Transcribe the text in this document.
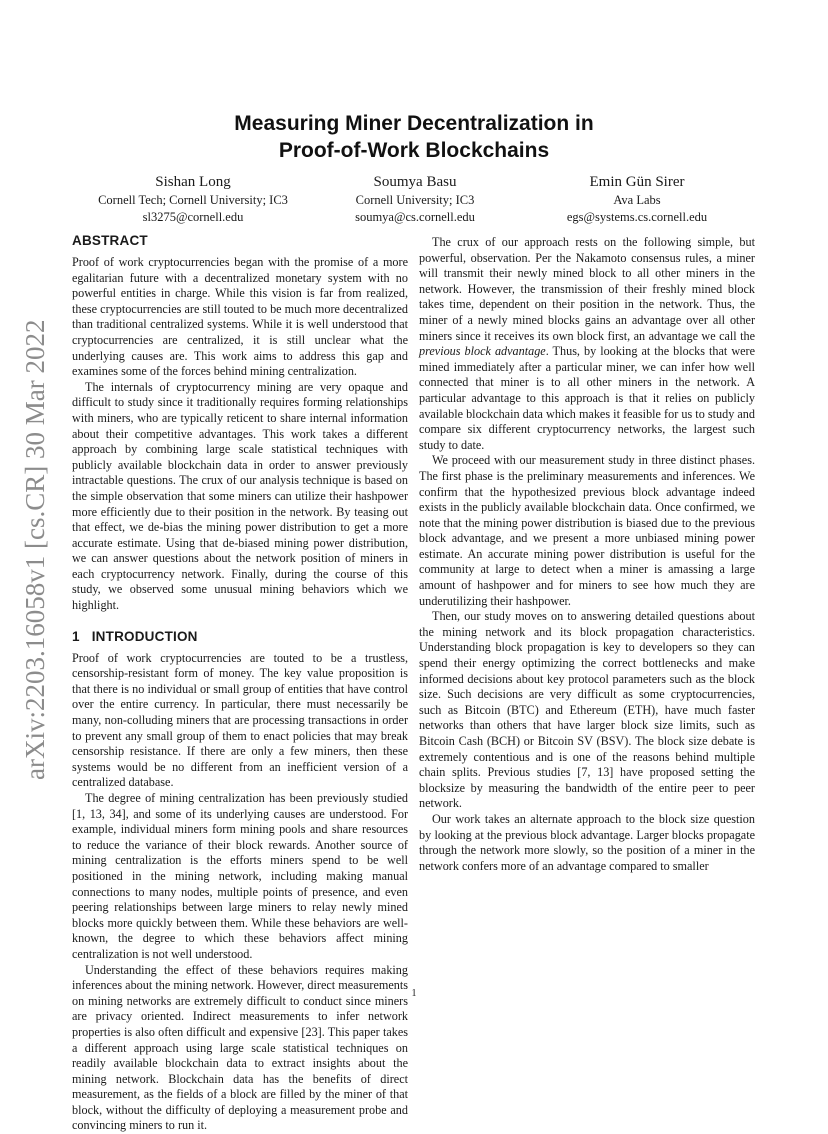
arXiv:2203.16058v1 [cs.CR] 30 Mar 2022
Measuring Miner Decentralization in
Proof-of-Work Blockchains
Sishan Long
Cornell Tech; Cornell University; IC3
sl3275@cornell.edu
Soumya Basu
Cornell University; IC3
soumya@cs.cornell.edu
Emin Gün Sirer
Ava Labs
egs@systems.cs.cornell.edu
ABSTRACT

Proof of work cryptocurrencies began with the promise of a more egalitarian future with a decentralized monetary system with no powerful entities in charge. While this vision is far from realized, these cryptocurrencies are still touted to be much more decentralized than traditional centralized systems. While it is well understood that cryptocurrencies are centralized, it is still unclear what the underlying causes are. This work aims to address this gap and examines some of the forces behind mining centralization.

The internals of cryptocurrency mining are very opaque and difficult to study since it traditionally requires forming relationships with miners, who are typically reticent to share internal information about their competitive advantages. This work takes a different approach by combining large scale statistical techniques with publicly available blockchain data in order to answer previously intractable questions. The crux of our analysis technique is based on the simple observation that some miners can utilize their hashpower more efficiently due to their position in the network. By teasing out that effect, we de-bias the mining power distribution to get a more accurate estimate. Using that de-biased mining power distribution, we can answer questions about the network position of miners in each cryptocurrency network. Finally, during the course of this study, we observed some unusual mining behaviors which we highlight.

1 INTRODUCTION

Proof of work cryptocurrencies are touted to be a trustless, censorship-resistant form of money. The key value proposition is that there is no individual or small group of entities that have control over the entire currency. In particular, there must necessarily be many, non-colluding miners that are processing transactions in order to prevent any small group of them to enact policies that may break censorship resistance. If there are only a few miners, then these systems would be no different from an inefficient version of a centralized database.

The degree of mining centralization has been previously studied [1, 13, 34], and some of its underlying causes are understood. For example, individual miners form mining pools and share resources to reduce the variance of their block rewards. Another source of mining centralization is the efforts miners spend to be well positioned in the mining network, including making manual connections to many nodes, multiple points of presence, and even peering relationships between large miners to relay newly mined blocks more quickly between them. While these behaviors are well-known, the degree to which these behaviors affect mining centralization is not well understood.

Understanding the effect of these behaviors requires making inferences about the mining network. However, direct measurements on mining networks are extremely difficult to conduct since miners are privacy oriented. Indirect measurements to infer network properties is also often difficult and expensive [23]. This paper takes a different approach using large scale statistical techniques on readily available blockchain data to extract insights about the mining network. Blockchain data has the benefits of direct measurement, as the fields of a block are filled by the miner of that block, without the difficulty of deploying a measurement probe and convincing miners to run it.

The crux of our approach rests on the following simple, but powerful, observation. Per the Nakamoto consensus rules, a miner will transmit their newly mined block to all other miners in the network. However, the transmission of their freshly mined block takes time, dependent on their position in the network. Thus, the miner of a newly mined blocks gains an advantage over all other miners since it receives its own block first, an advantage we call the previous block advantage. Thus, by looking at the blocks that were mined immediately after a particular miner, we can infer how well connected that miner is to all other miners in the network. A particular advantage to this approach is that it relies on publicly available blockchain data which makes it feasible for us to study and compare six different cryptocurrency networks, the largest such study to date.

We proceed with our measurement study in three distinct phases. The first phase is the preliminary measurements and inferences. We confirm that the hypothesized previous block advantage indeed exists in the publicly available blockchain data. Once confirmed, we note that the mining power distribution is biased due to the previous block advantage, and we present a more unbiased mining power estimate. An accurate mining power distribution is useful for the community at large to detect when a miner is amassing a large amount of hashpower and for miners to see how much they are underutilizing their hashpower.

Then, our study moves on to answering detailed questions about the mining network and its block propagation characteristics. Understanding block propagation is key to developers so they can spend their energy optimizing the correct bottlenecks and make informed decisions about key protocol parameters such as the block size. Such decisions are very difficult as some cryptocurrencies, such as Bitcoin (BTC) and Ethereum (ETH), have much faster networks than others that have larger block size limits, such as Bitcoin Cash (BCH) or Bitcoin SV (BSV). The block size debate is extremely contentious and is one of the reasons behind multiple chain splits. Previous studies [7, 13] have proposed setting the blocksize by measuring the bandwidth of the entire peer to peer network.

Our work takes an alternate approach to the block size question by looking at the previous block advantage. Larger blocks propagate through the network more slowly, so the position of a miner in the network confers more of an advantage compared to smaller

1
